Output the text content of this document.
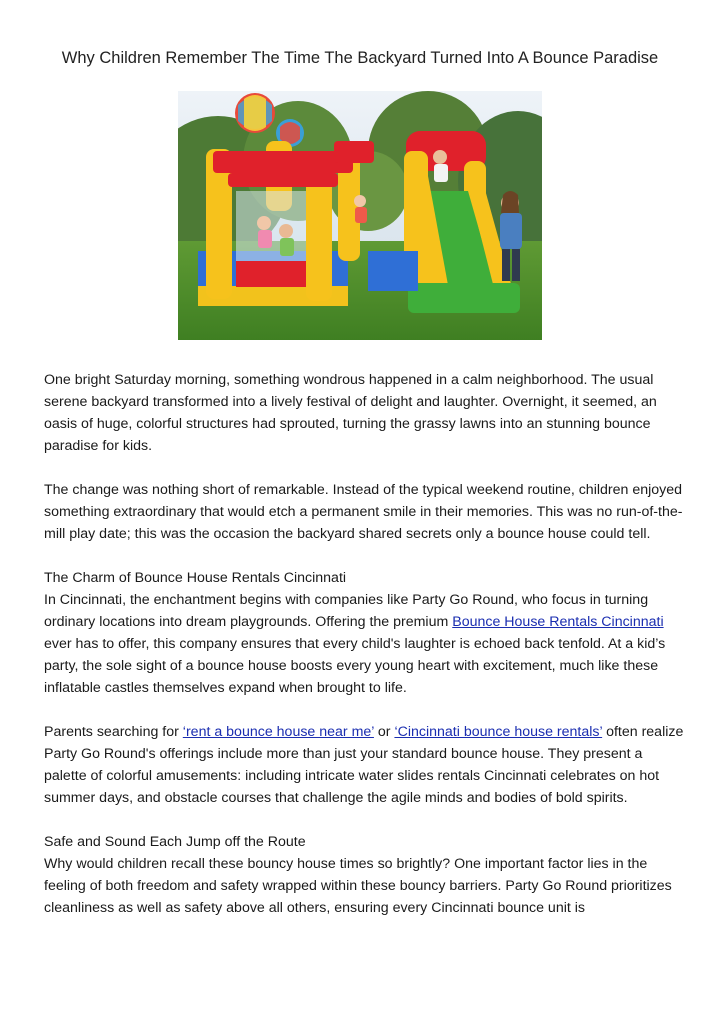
Why Children Remember The Time The Backyard Turned Into A Bounce Paradise

One bright Saturday morning, something wondrous happened in a calm neighborhood. The usual serene backyard transformed into a lively festival of delight and laughter. Overnight, it seemed, an oasis of huge, colorful structures had sprouted, turning the grassy lawns into an stunning bounce paradise for kids.

The change was nothing short of remarkable. Instead of the typical weekend routine, children enjoyed something extraordinary that would etch a permanent smile in their memories. This was no run-of-the-mill play date; this was the occasion the backyard shared secrets only a bounce house could tell.

The Charm of Bounce House Rentals Cincinnati
In Cincinnati, the enchantment begins with companies like Party Go Round, who focus in turning ordinary locations into dream playgrounds. Offering the premium Bounce House Rentals Cincinnati ever has to offer, this company ensures that every child's laughter is echoed back tenfold. At a kid’s party, the sole sight of a bounce house boosts every young heart with excitement, much like these inflatable castles themselves expand when brought to life.

Parents searching for ‘rent a bounce house near me’ or ‘Cincinnati bounce house rentals’ often realize Party Go Round's offerings include more than just your standard bounce house. They present a palette of colorful amusements: including intricate water slides rentals Cincinnati celebrates on hot summer days, and obstacle courses that challenge the agile minds and bodies of bold spirits.

Safe and Sound Each Jump off the Route
Why would children recall these bouncy house times so brightly? One important factor lies in the feeling of both freedom and safety wrapped within these bouncy barriers. Party Go Round prioritizes cleanliness as well as safety above all others, ensuring every Cincinnati bounce unit is
